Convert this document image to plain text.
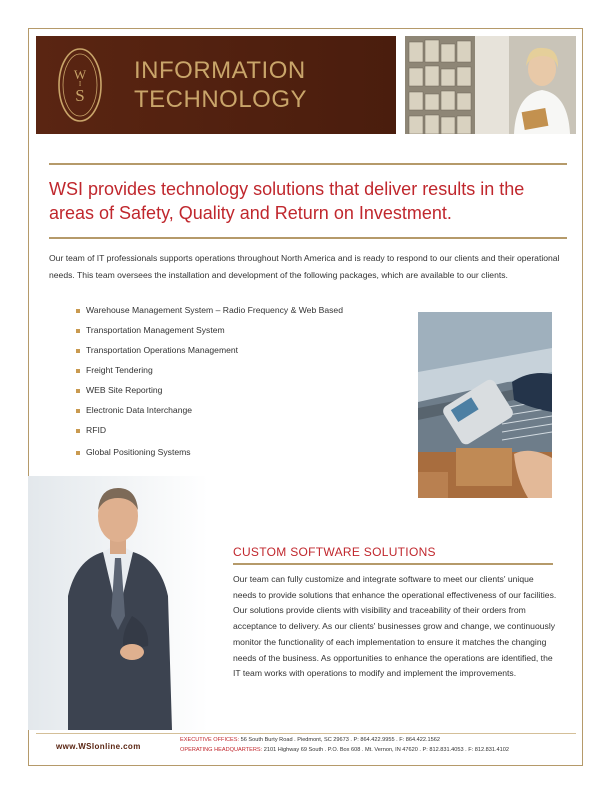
W
S
I INFORMATION
TECHNOLOGY
WSI provides technology solutions that deliver results in the areas of Safety, Quality and Return on Investment.
Our team of IT professionals supports operations throughout North America and is ready to respond to our clients and their operational needs. This team oversees the installation and development of the following packages, which are available to our clients.
Warehouse Management System – Radio Frequency & Web Based
Transportation Management System
Transportation Operations Management
Freight Tendering
WEB Site Reporting
Electronic Data Interchange
RFID
Global Positioning Systems
CUSTOM SOFTWARE SOLUTIONS
Our team can fully customize and integrate software to meet our clients' unique needs to provide solutions that enhance the operational effectiveness of our facilities. Our solutions provide clients with visibility and traceability of their orders from acceptance to delivery. As our clients' businesses grow and change, we continuously monitor the functionality of each implementation to ensure it matches the changing needs of the business. As opportunities to enhance the operations are identified, the IT team works with operations to modify and implement the improvements.
www.WSIonline.com
EXECUTIVE OFFICES: 56 South Burty Road . Piedmont, SC 29673 . P: 864.422.9955 . F: 864.422.1562
OPERATING HEADQUARTERS: 2101 Highway 69 South . P.O. Box 608 . Mt. Vernon, IN 47620 . P: 812.831.4053 . F: 812.831.4102
